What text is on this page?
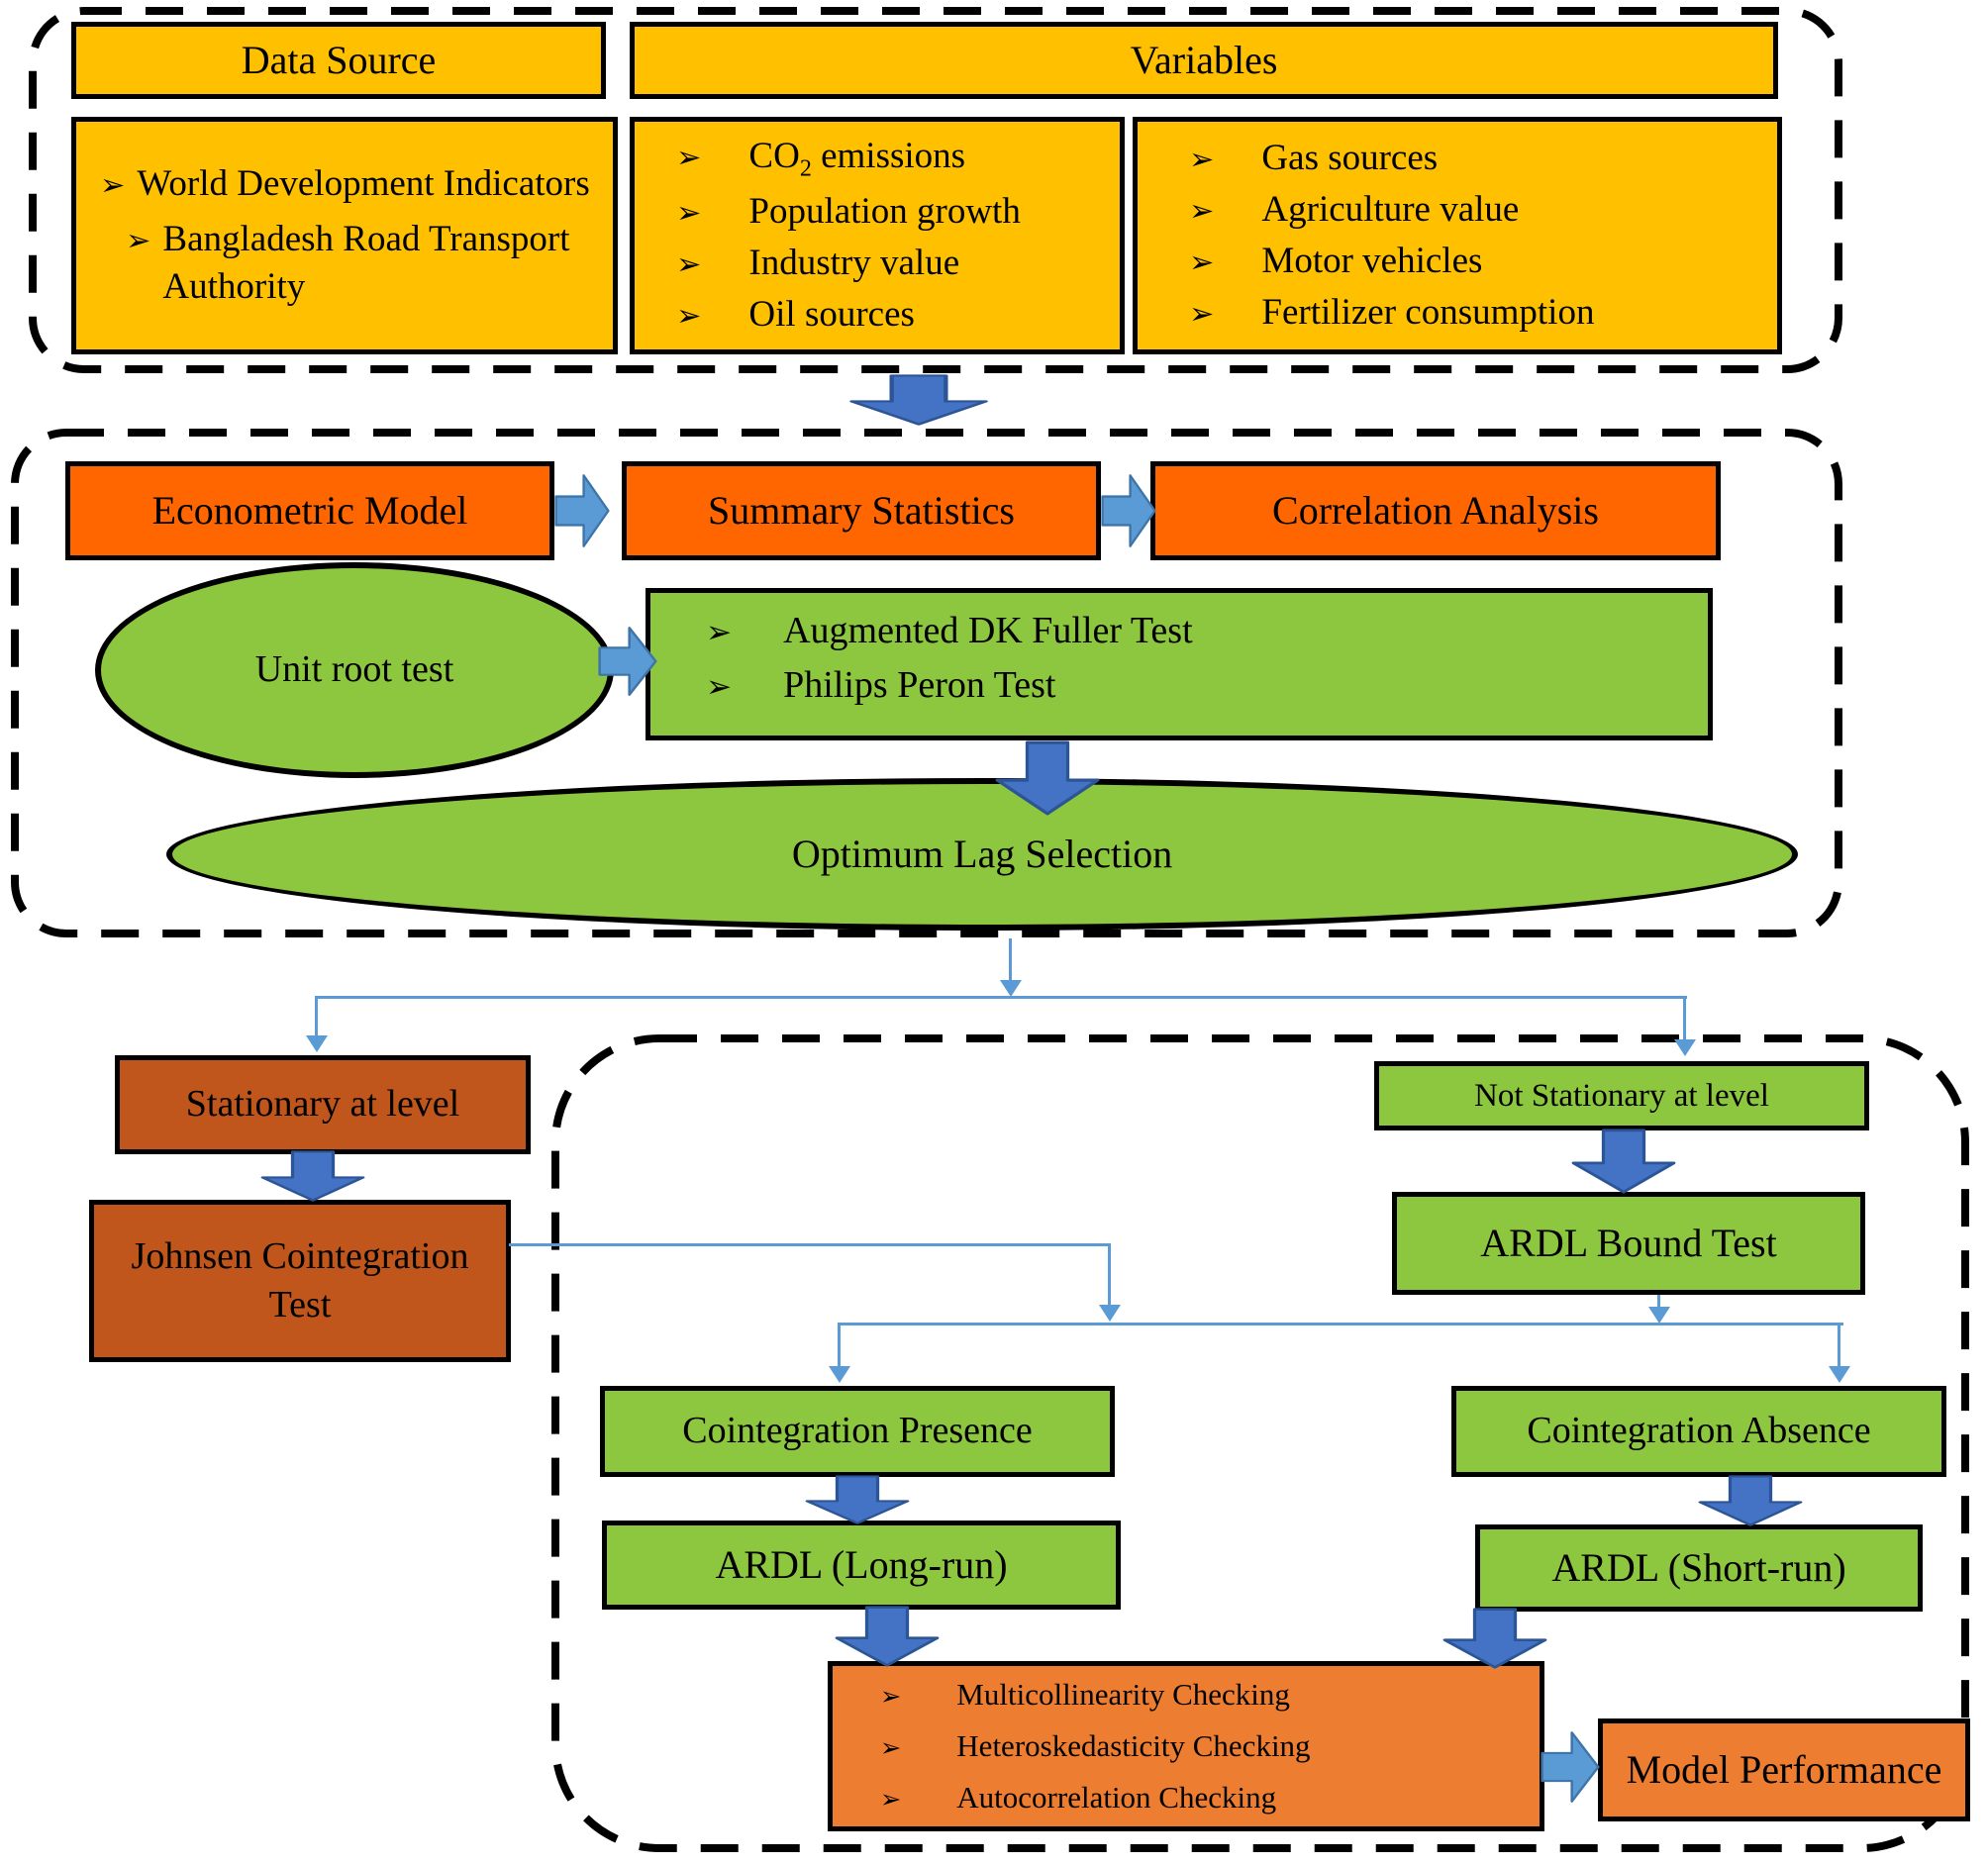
Data Source	Variables
➢ World Development Indicators
➢ Bangladesh Road Transport Authority
➢ $CO_2$ emissions
➢ Population growth
➢ Industry value
➢ Oil sources
➢ Gas sources
➢ Agriculture value
➢ Motor vehicles
➢ Fertilizer consumption
Econometric Model	Summary Statistics	Correlation Analysis
Unit root test
➢ Augmented DK Fuller Test
➢ Philips Peron Test
Optimum Lag Selection
Stationary at level
Johnsen Cointegration Test
Not Stationary at level
ARDL Bound Test
Cointegration Presence
ARDL (Long-run)
Cointegration Absence
ARDL (Short-run)
➢ Multicollinearity Checking
➢ Heteroskedasticity Checking
➢ Autocorrelation Checking
Model Performance
